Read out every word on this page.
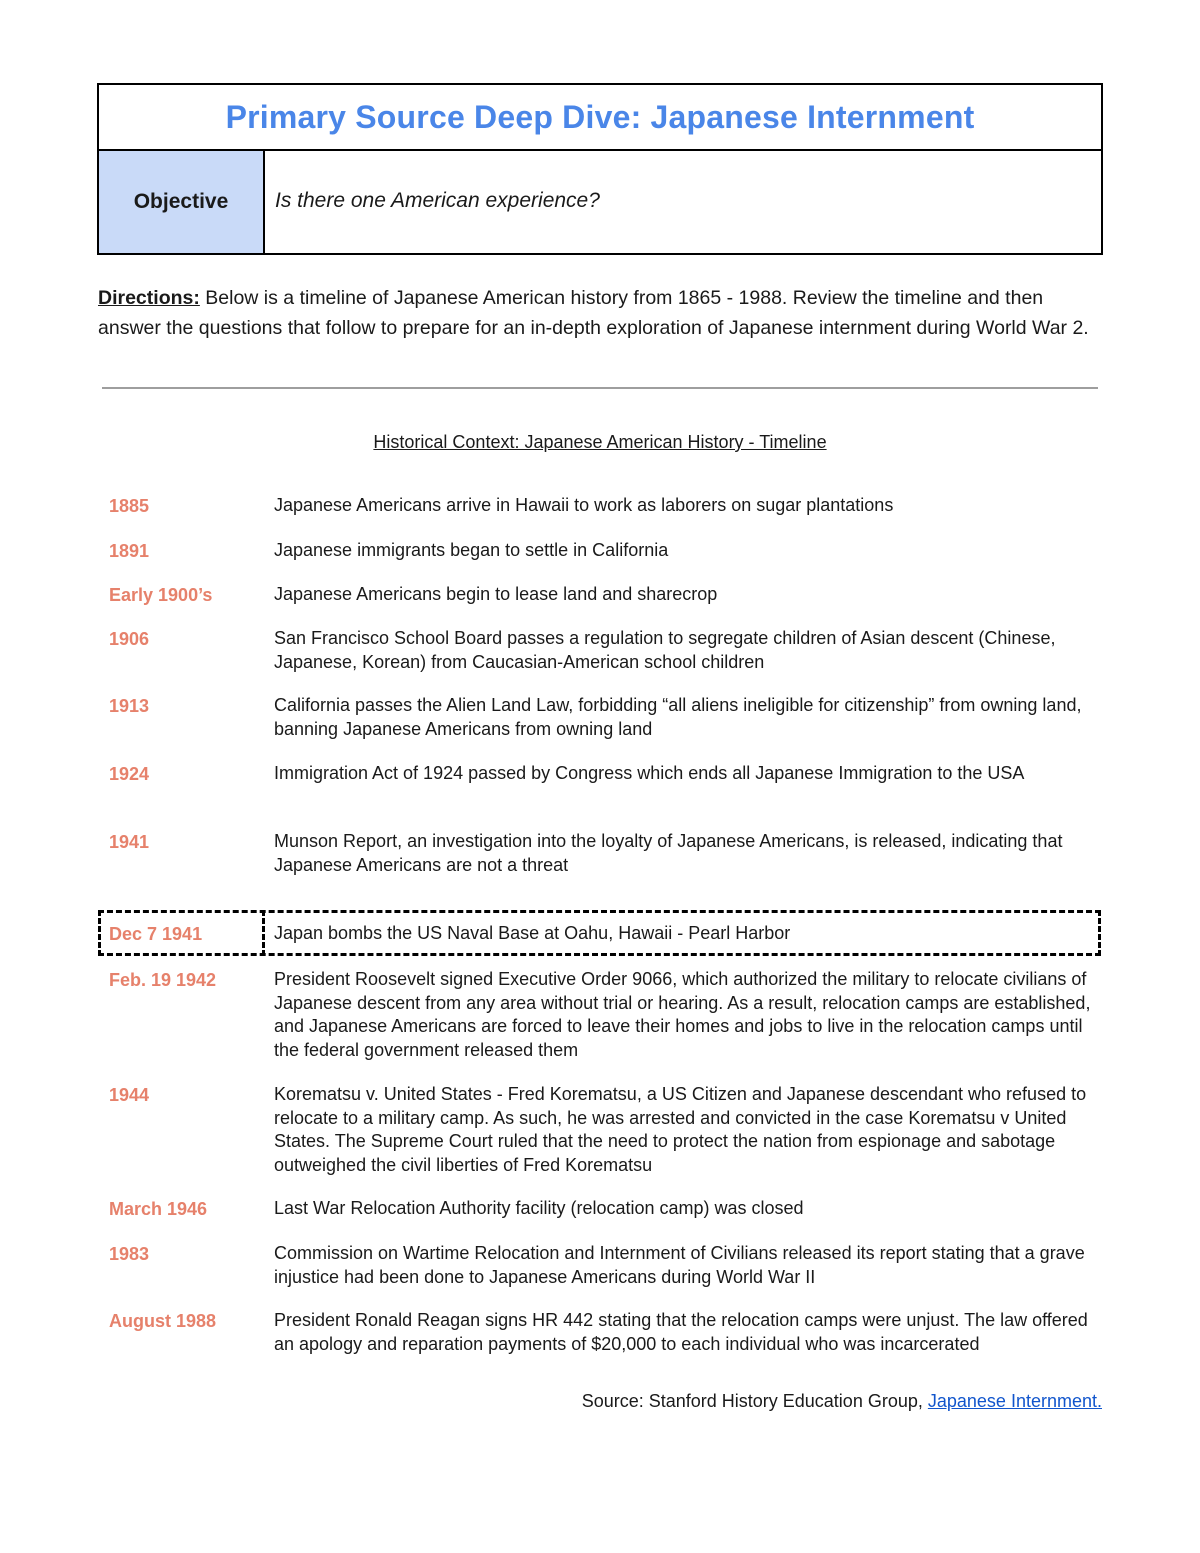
Primary Source Deep Dive: Japanese Internment
Objective	Is there one American experience?
Directions: Below is a timeline of Japanese American history from 1865 - 1988. Review the timeline and then answer the questions that follow to prepare for an in-depth exploration of Japanese internment during World War 2.
Historical Context: Japanese American History - Timeline
1885	Japanese Americans arrive in Hawaii to work as laborers on sugar plantations
1891	Japanese immigrants began to settle in California
Early 1900’s	Japanese Americans begin to lease land and sharecrop
1906	San Francisco School Board passes a regulation to segregate children of Asian descent (Chinese, Japanese, Korean) from Caucasian-American school children
1913	California passes the Alien Land Law, forbidding “all aliens ineligible for citizenship” from owning land, banning Japanese Americans from owning land
1924	Immigration Act of 1924 passed by Congress which ends all Japanese Immigration to the USA
1941	Munson Report, an investigation into the loyalty of Japanese Americans, is released, indicating that Japanese Americans are not a threat
Dec 7 1941	Japan bombs the US Naval Base at Oahu, Hawaii - Pearl Harbor
Feb. 19 1942	President Roosevelt signed Executive Order 9066, which authorized the military to relocate civilians of Japanese descent from any area without trial or hearing. As a result, relocation camps are established, and Japanese Americans are forced to leave their homes and jobs to live in the relocation camps until the federal government released them
1944	Korematsu v. United States - Fred Korematsu, a US Citizen and Japanese descendant who refused to relocate to a military camp. As such, he was arrested and convicted in the case Korematsu v United States. The Supreme Court ruled that the need to protect the nation from espionage and sabotage outweighed the civil liberties of Fred Korematsu
March 1946	Last War Relocation Authority facility (relocation camp) was closed
1983	Commission on Wartime Relocation and Internment of Civilians released its report stating that a grave injustice had been done to Japanese Americans during World War II
August 1988	President Ronald Reagan signs HR 442 stating that the relocation camps were unjust. The law offered an apology and reparation payments of $20,000 to each individual who was incarcerated
Source: Stanford History Education Group, Japanese Internment.
